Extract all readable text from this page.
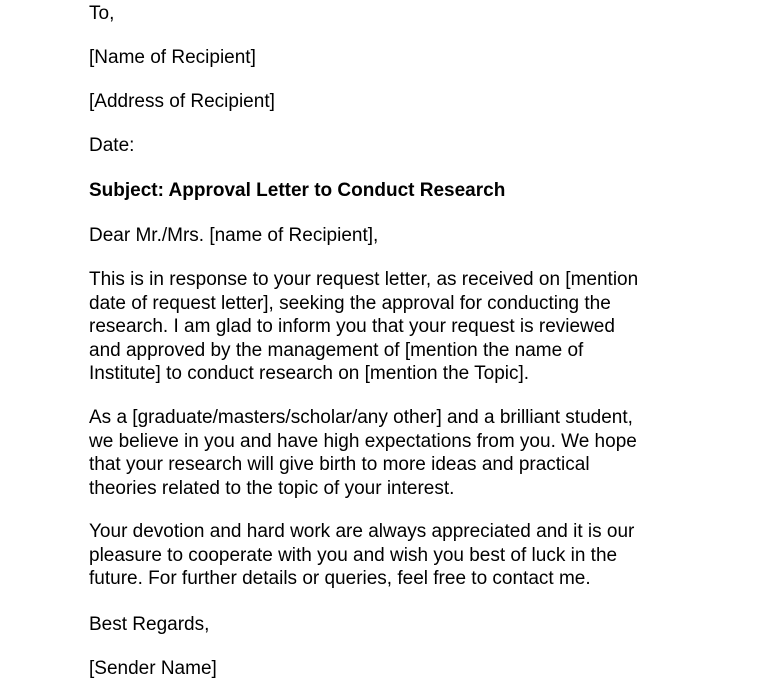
To,
[Name of Recipient]
[Address of Recipient]
Date:
Subject: Approval Letter to Conduct Research
Dear Mr./Mrs. [name of Recipient],
This is in response to your request letter, as received on [mention
date of request letter], seeking the approval for conducting the
research. I am glad to inform you that your request is reviewed
and approved by the management of [mention the name of
Institute] to conduct research on [mention the Topic].
As a [graduate/masters/scholar/any other] and a brilliant student,
we believe in you and have high expectations from you. We hope
that your research will give birth to more ideas and practical
theories related to the topic of your interest.
Your devotion and hard work are always appreciated and it is our
pleasure to cooperate with you and wish you best of luck in the
future. For further details or queries, feel free to contact me.
Best Regards,
[Sender Name]
